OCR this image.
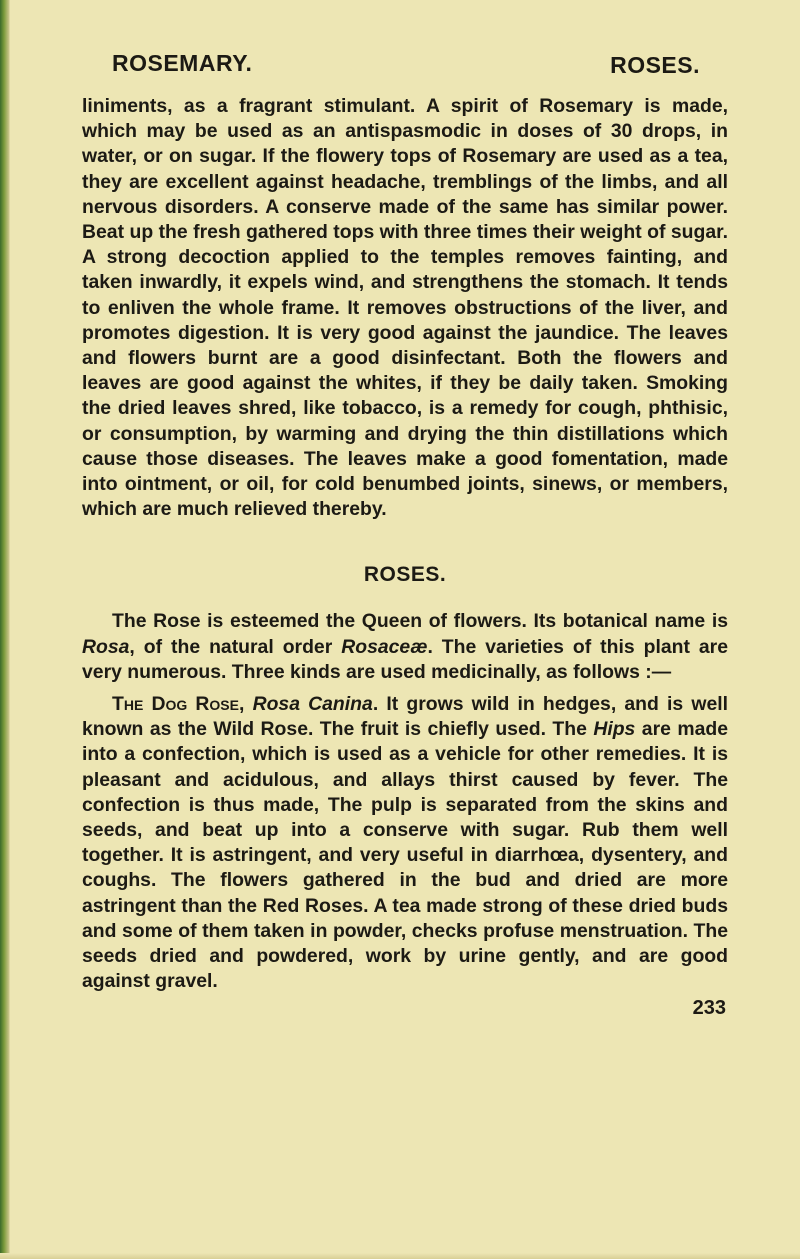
ROSEMARY.	ROSES.

liniments, as a fragrant stimulant. A spirit of Rosemary is made, which may be used as an antispasmodic in doses of 30 drops, in water, or on sugar. If the flowery tops of Rosemary are used as a tea, they are excellent against headache, tremblings of the limbs, and all nervous disorders. A conserve made of the same has similar power. Beat up the fresh gathered tops with three times their weight of sugar. A strong decoction applied to the temples removes fainting, and taken inwardly, it expels wind, and strengthens the stomach. It tends to enliven the whole frame. It removes obstructions of the liver, and promotes digestion. It is very good against the jaundice. The leaves and flowers burnt are a good disinfectant. Both the flowers and leaves are good against the whites, if they be daily taken. Smoking the dried leaves shred, like tobacco, is a remedy for cough, phthisic, or consumption, by warming and drying the thin distillations which cause those diseases. The leaves make a good fomentation, made into ointment, or oil, for cold benumbed joints, sinews, or members, which are much relieved thereby.

ROSES.

The Rose is esteemed the Queen of flowers. Its botanical name is Rosa, of the natural order Rosaceæ. The varieties of this plant are very numerous. Three kinds are used medicinally, as follows :—

The Dog Rose, Rosa Canina. It grows wild in hedges, and is well known as the Wild Rose. The fruit is chiefly used. The Hips are made into a confection, which is used as a vehicle for other remedies. It is pleasant and acidulous, and allays thirst caused by fever. The confection is thus made, The pulp is separated from the skins and seeds, and beat up into a conserve with sugar. Rub them well together. It is astringent, and very useful in diarrhœa, dysentery, and coughs. The flowers gathered in the bud and dried are more astringent than the Red Roses. A tea made strong of these dried buds and some of them taken in powder, checks profuse menstruation. The seeds dried and powdered, work by urine gently, and are good against gravel.

233
